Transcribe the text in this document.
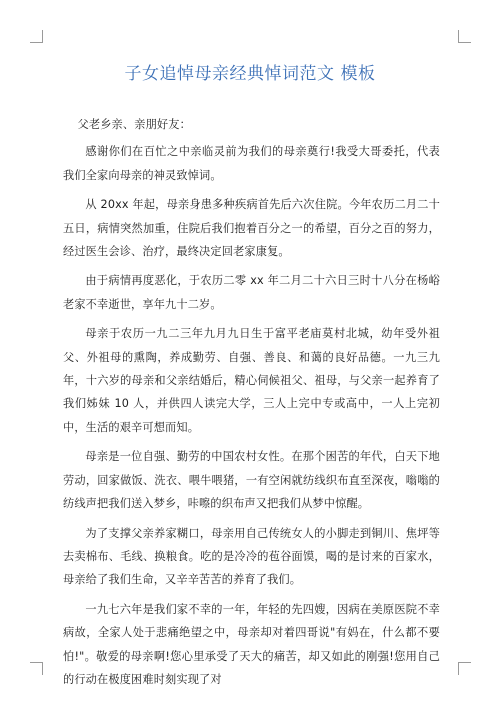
子女追悼母亲经典悼词范文 模板

父老乡亲、亲朋好友：

感谢你们在百忙之中亲临灵前为我们的母亲奠行!我受大哥委托，代表我们全家向母亲的神灵致悼词。

从 20xx 年起，母亲身患多种疾病首先后六次住院。今年农历二月二十五日，病情突然加重，住院后我们抱着百分之一的希望，百分之百的努力，经过医生会诊、治疗，最终决定回老家康复。

由于病情再度恶化，于农历二零 xx 年二月二十六日三时十八分在杨峪老家不幸逝世，享年九十二岁。

母亲于农历一九二三年九月九日生于富平老庙莫村北城，幼年受外祖父、外祖母的熏陶，养成勤劳、自强、善良、和蔼的良好品德。一九三九年，十六岁的母亲和父亲结婚后，精心伺候祖父、祖母，与父亲一起养育了我们姊妹 10 人，并供四人读完大学，三人上完中专或高中，一人上完初中，生活的艰辛可想而知。

母亲是一位自强、勤劳的中国农村女性。在那个困苦的年代，白天下地劳动，回家做饭、洗衣、喂牛喂猪，一有空闲就纺线织布直至深夜，嗡嗡的纺线声把我们送入梦乡，咔嚓的织布声又把我们从梦中惊醒。

为了支撑父亲养家糊口，母亲用自己传统女人的小脚走到铜川、焦坪等去卖棉布、毛线、换粮食。吃的是冷冷的苞谷面馍，喝的是讨来的百家水，母亲给了我们生命，又辛辛苦苦的养育了我们。

一九七六年是我们家不幸的一年，年轻的先四嫂，因病在美原医院不幸病故，全家人处于悲痛绝望之中，母亲却对着四哥说"有妈在，什么都不要怕!"。敬爱的母亲啊!您心里承受了天大的痛苦，却又如此的刚强!您用自己的行动在极度困难时刻实现了对
